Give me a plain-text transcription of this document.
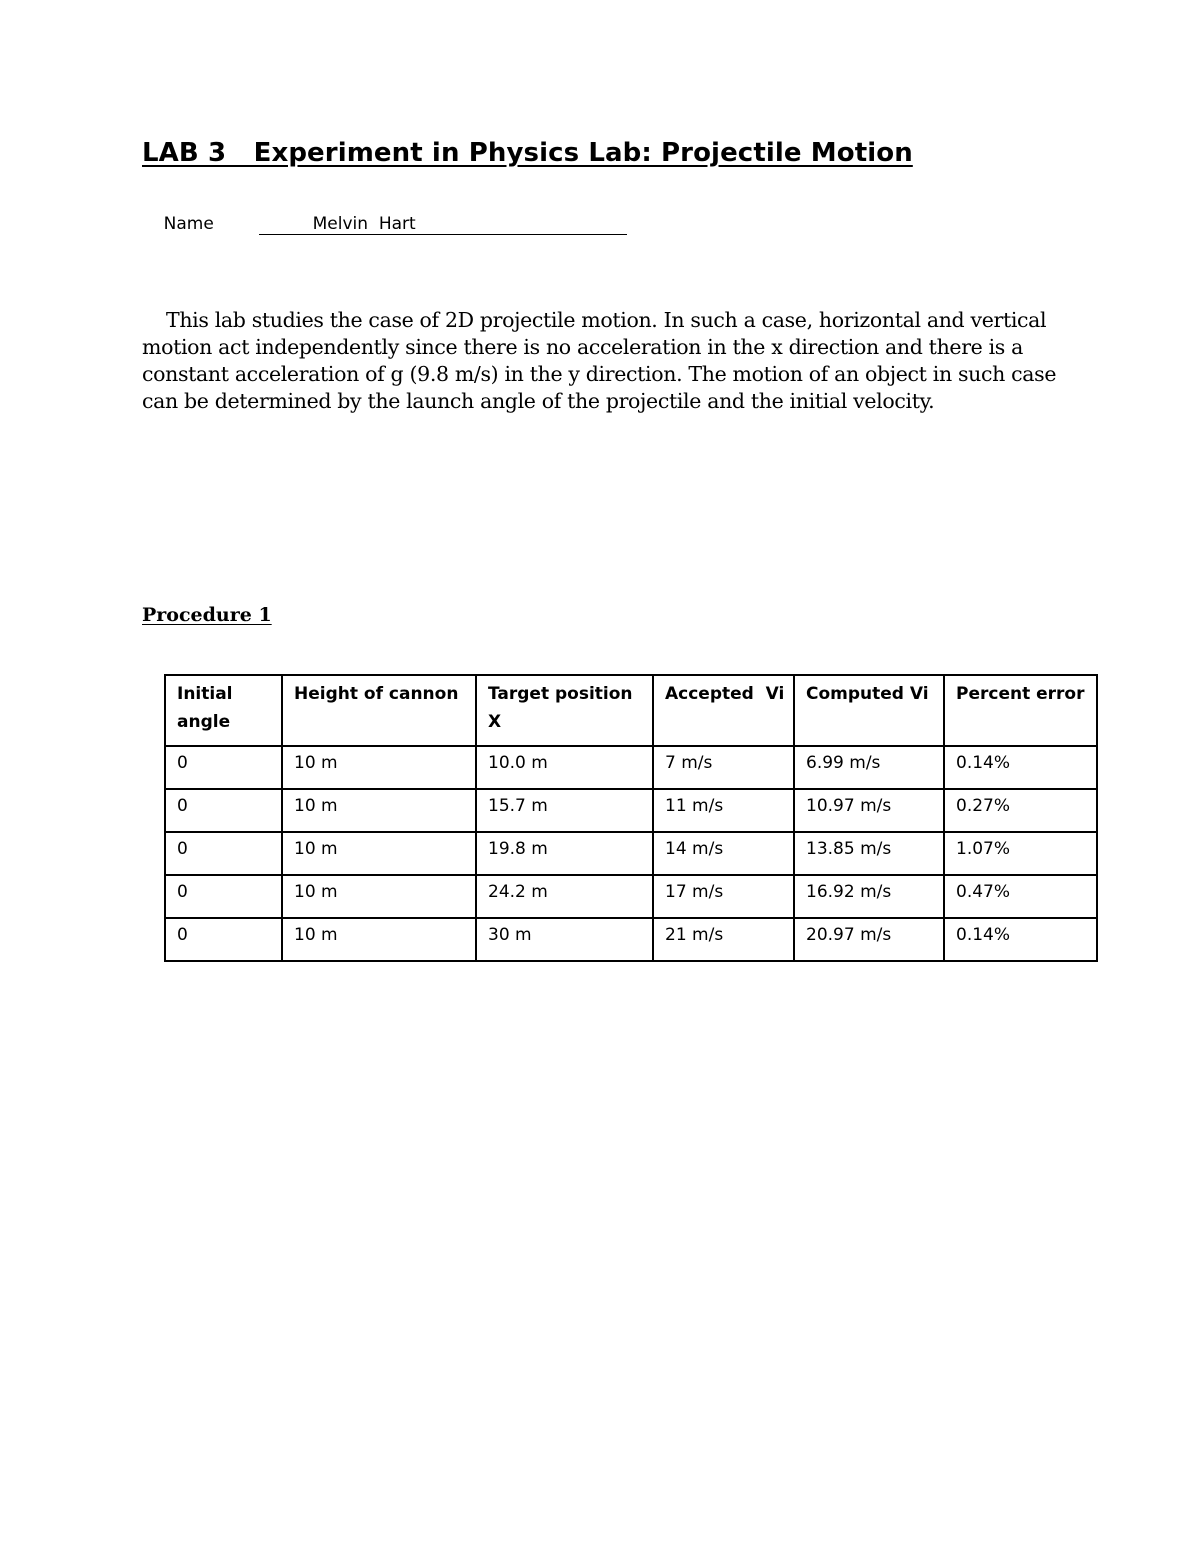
LAB 3   Experiment in Physics Lab: Projectile Motion

Name	Melvin  Hart

This lab studies the case of 2D projectile motion. In such a case, horizontal and vertical motion act independently since there is no acceleration in the x direction and there is a constant acceleration of g (9.8 m/s) in the y direction. The motion of an object in such case can be determined by the launch angle of the projectile and the initial velocity.

Procedure 1
Initial angle	Height of cannon	Target position X	Accepted  Vi	Computed Vi	Percent error
0	10 m	10.0 m	7 m/s	6.99 m/s	0.14%
0	10 m	15.7 m	11 m/s	10.97 m/s	0.27%
0	10 m	19.8 m	14 m/s	13.85 m/s	1.07%
0	10 m	24.2 m	17 m/s	16.92 m/s	0.47%
0	10 m	30 m	21 m/s	20.97 m/s	0.14%
